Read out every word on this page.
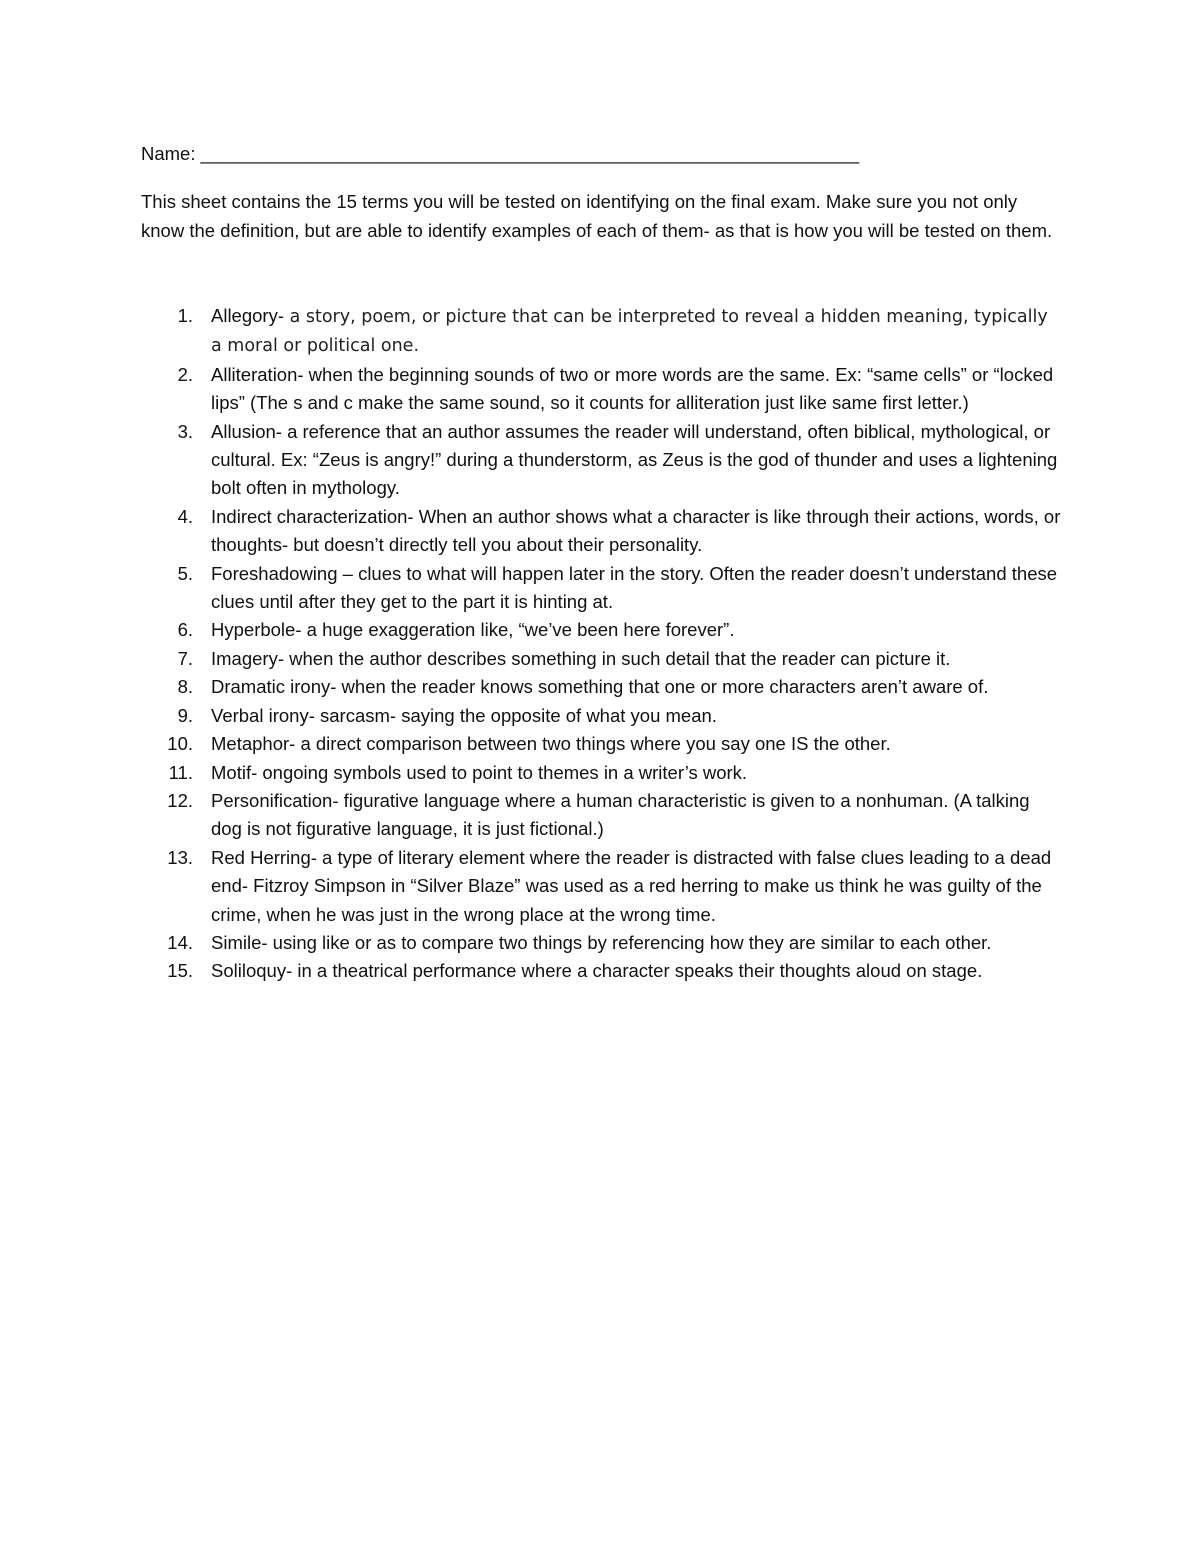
Name: ________________________________________________________________

This sheet contains the 15 terms you will be tested on identifying on the final exam. Make sure you not only know the definition, but are able to identify examples of each of them- as that is how you will be tested on them.

1. Allegory- a story, poem, or picture that can be interpreted to reveal a hidden meaning, typically a moral or political one.
2. Alliteration- when the beginning sounds of two or more words are the same. Ex: “same cells” or “locked lips” (The s and c make the same sound, so it counts for alliteration just like same first letter.)
3. Allusion- a reference that an author assumes the reader will understand, often biblical, mythological, or cultural. Ex: “Zeus is angry!” during a thunderstorm, as Zeus is the god of thunder and uses a lightening bolt often in mythology.
4. Indirect characterization- When an author shows what a character is like through their actions, words, or thoughts- but doesn’t directly tell you about their personality.
5. Foreshadowing – clues to what will happen later in the story. Often the reader doesn’t understand these clues until after they get to the part it is hinting at.
6. Hyperbole- a huge exaggeration like, “we’ve been here forever”.
7. Imagery- when the author describes something in such detail that the reader can picture it.
8. Dramatic irony- when the reader knows something that one or more characters aren’t aware of.
9. Verbal irony- sarcasm- saying the opposite of what you mean.
10. Metaphor- a direct comparison between two things where you say one IS the other.
11. Motif- ongoing symbols used to point to themes in a writer’s work.
12. Personification- figurative language where a human characteristic is given to a nonhuman. (A talking dog is not figurative language, it is just fictional.)
13. Red Herring- a type of literary element where the reader is distracted with false clues leading to a dead end- Fitzroy Simpson in “Silver Blaze” was used as a red herring to make us think he was guilty of the crime, when he was just in the wrong place at the wrong time.
14. Simile- using like or as to compare two things by referencing how they are similar to each other.
15. Soliloquy- in a theatrical performance where a character speaks their thoughts aloud on stage.
